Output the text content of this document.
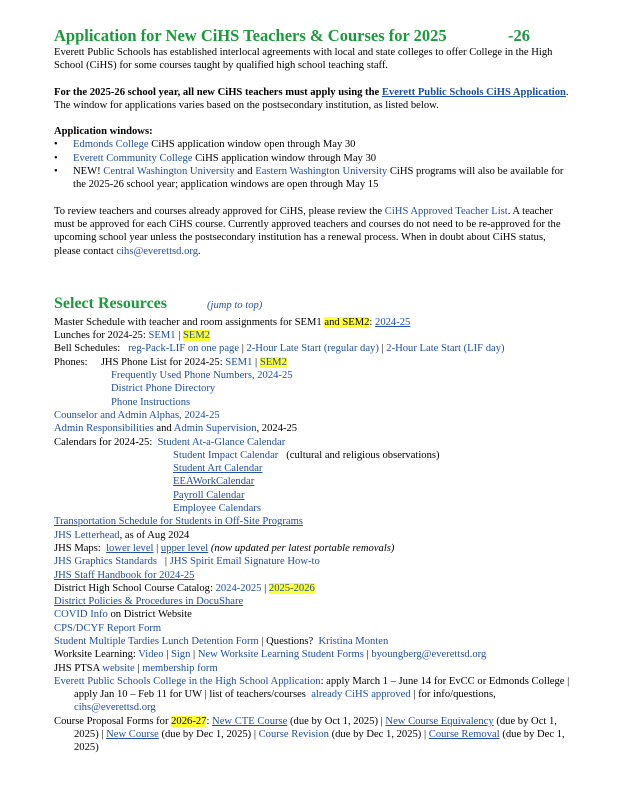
Application for New CiHS Teachers & Courses for 2025	-26

Everett Public Schools has established interlocal agreements with local and state colleges to offer College in the High School (CiHS) for some courses taught by qualified high school teaching staff.

For the 2025-26 school year, all new CiHS teachers must apply using the Everett Public Schools CiHS Application. The window for applications varies based on the postsecondary institution, as listed below.

Application windows:

• Edmonds College CiHS application window open through May 30
• Everett Community College CiHS application window through May 30
• NEW! Central Washington University and Eastern Washington University CiHS programs will also be available for the 2025-26 school year; application windows are open through May 15

To review teachers and courses already approved for CiHS, please review the CiHS Approved Teacher List. A teacher must be approved for each CiHS course. Currently approved teachers and courses do not need to be re-approved for the upcoming school year unless the postsecondary institution has a renewal process. When in doubt about CiHS status, please contact cihs@everettsd.org.

Select Resources	(jump to top)

Master Schedule with teacher and room assignments for SEM1 and SEM2: 2024-25

Lunches for 2024-25: SEM1 | SEM2

Bell Schedules: reg-Pack-LIF on one page | 2-Hour Late Start (regular day) | 2-Hour Late Start (LIF day)

Phones: JHS Phone List for 2024-25: SEM1 | SEM2

Frequently Used Phone Numbers, 2024-25

District Phone Directory

Phone Instructions

Counselor and Admin Alphas, 2024-25

Admin Responsibilities and Admin Supervision, 2024-25

Calendars for 2024-25: Student At-a-Glance Calendar

Student Impact Calendar (cultural and religious observations)

Student Art Calendar

EEAWorkCalendar

Payroll Calendar

Employee Calendars

Transportation Schedule for Students in Off-Site Programs

JHS Letterhead, as of Aug 2024

JHS Maps: lower level | upper level (now updated per latest portable removals)

JHS Graphics Standards   | JHS Spirit Email Signature How-to

JHS Staff Handbook for 2024-25

District High School Course Catalog: 2024-2025 | 2025-2026

District Policies & Procedures in DocuShare

COVID Info on District Website

CPS/DCYF Report Form

Student Multiple Tardies Lunch Detention Form | Questions? Kristina Monten

Worksite Learning: Video | Sign | New Worksite Learning Student Forms | byoungberg@everettsd.org

JHS PTSA website | membership form

Everett Public Schools College in the High School Application: apply March 1 – June 14 for EvCC or Edmonds College | apply Jan 10 – Feb 11 for UW | list of teachers/courses already CiHS approved | for info/questions, cihs@everettsd.org

Course Proposal Forms for 2026-27: New CTE Course (due by Oct 1, 2025) | New Course Equivalency (due by Oct 1, 2025) | New Course (due by Dec 1, 2025) | Course Revision (due by Dec 1, 2025) | Course Removal (due by Dec 1, 2025)
